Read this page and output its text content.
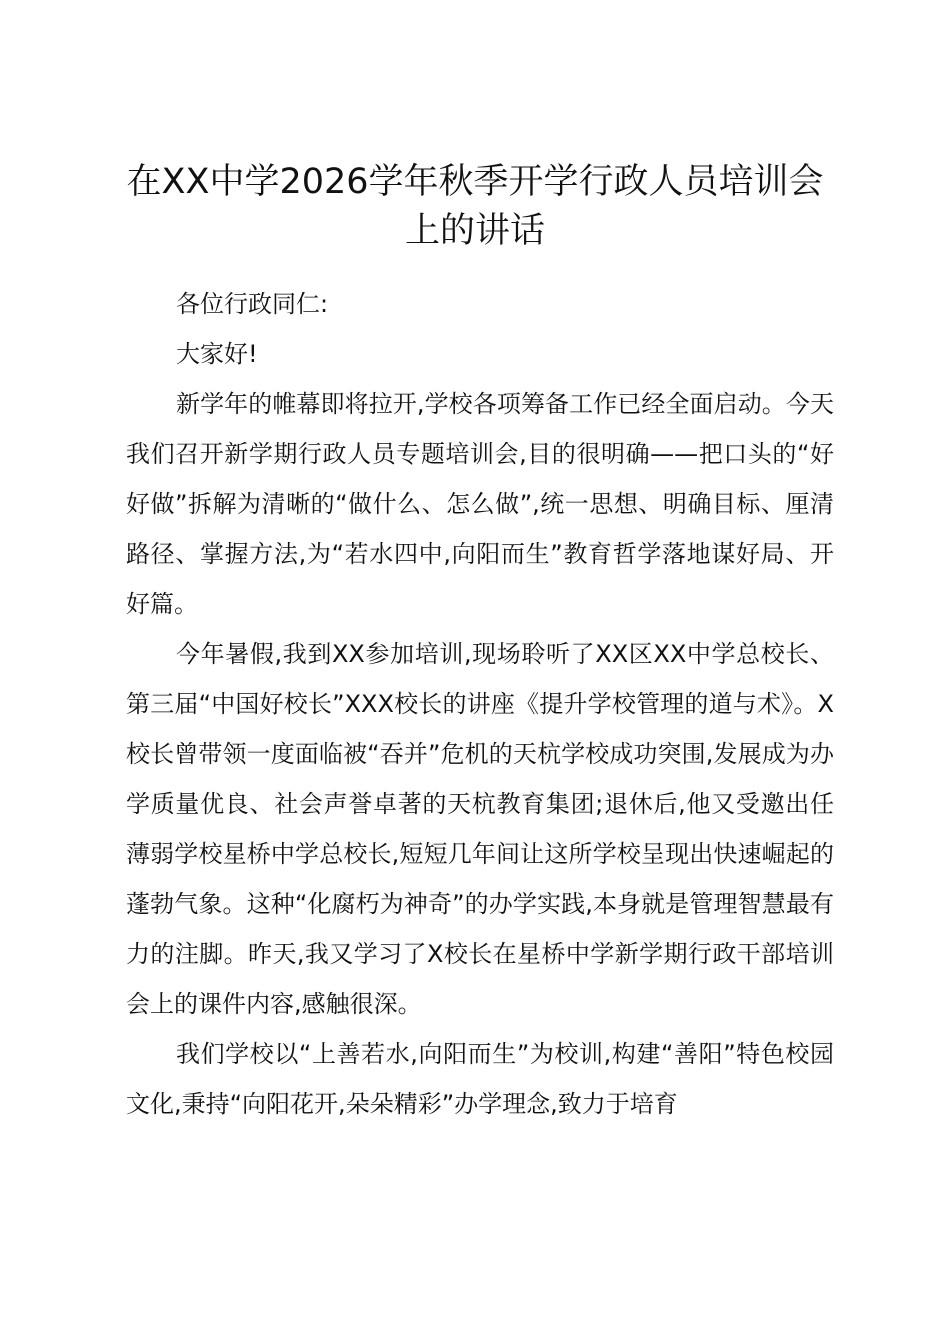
在XX中学2026学年秋季开学行政人员培训会上的讲话

各位行政同仁:

大家好!

新学年的帷幕即将拉开,学校各项筹备工作已经全面启动。今天我们召开新学期行政人员专题培训会,目的很明确——把口头的“好好做”拆解为清晰的“做什么、怎么做”,统一思想、明确目标、厘清路径、掌握方法,为“若水四中,向阳而生”教育哲学落地谋好局、开好篇。

今年暑假,我到XX参加培训,现场聆听了XX区XX中学总校长、第三届“中国好校长”XXX校长的讲座《提升学校管理的道与术》。X校长曾带领一度面临被“吞并”危机的天杭学校成功突围,发展成为办学质量优良、社会声誉卓著的天杭教育集团;退休后,他又受邀出任薄弱学校星桥中学总校长,短短几年间让这所学校呈现出快速崛起的蓬勃气象。这种“化腐朽为神奇”的办学实践,本身就是管理智慧最有力的注脚。昨天,我又学习了X校长在星桥中学新学期行政干部培训会上的课件内容,感触很深。

我们学校以“上善若水,向阳而生”为校训,构建“善阳”特色校园文化,秉持“向阳花开,朵朵精彩”办学理念,致力于培育
